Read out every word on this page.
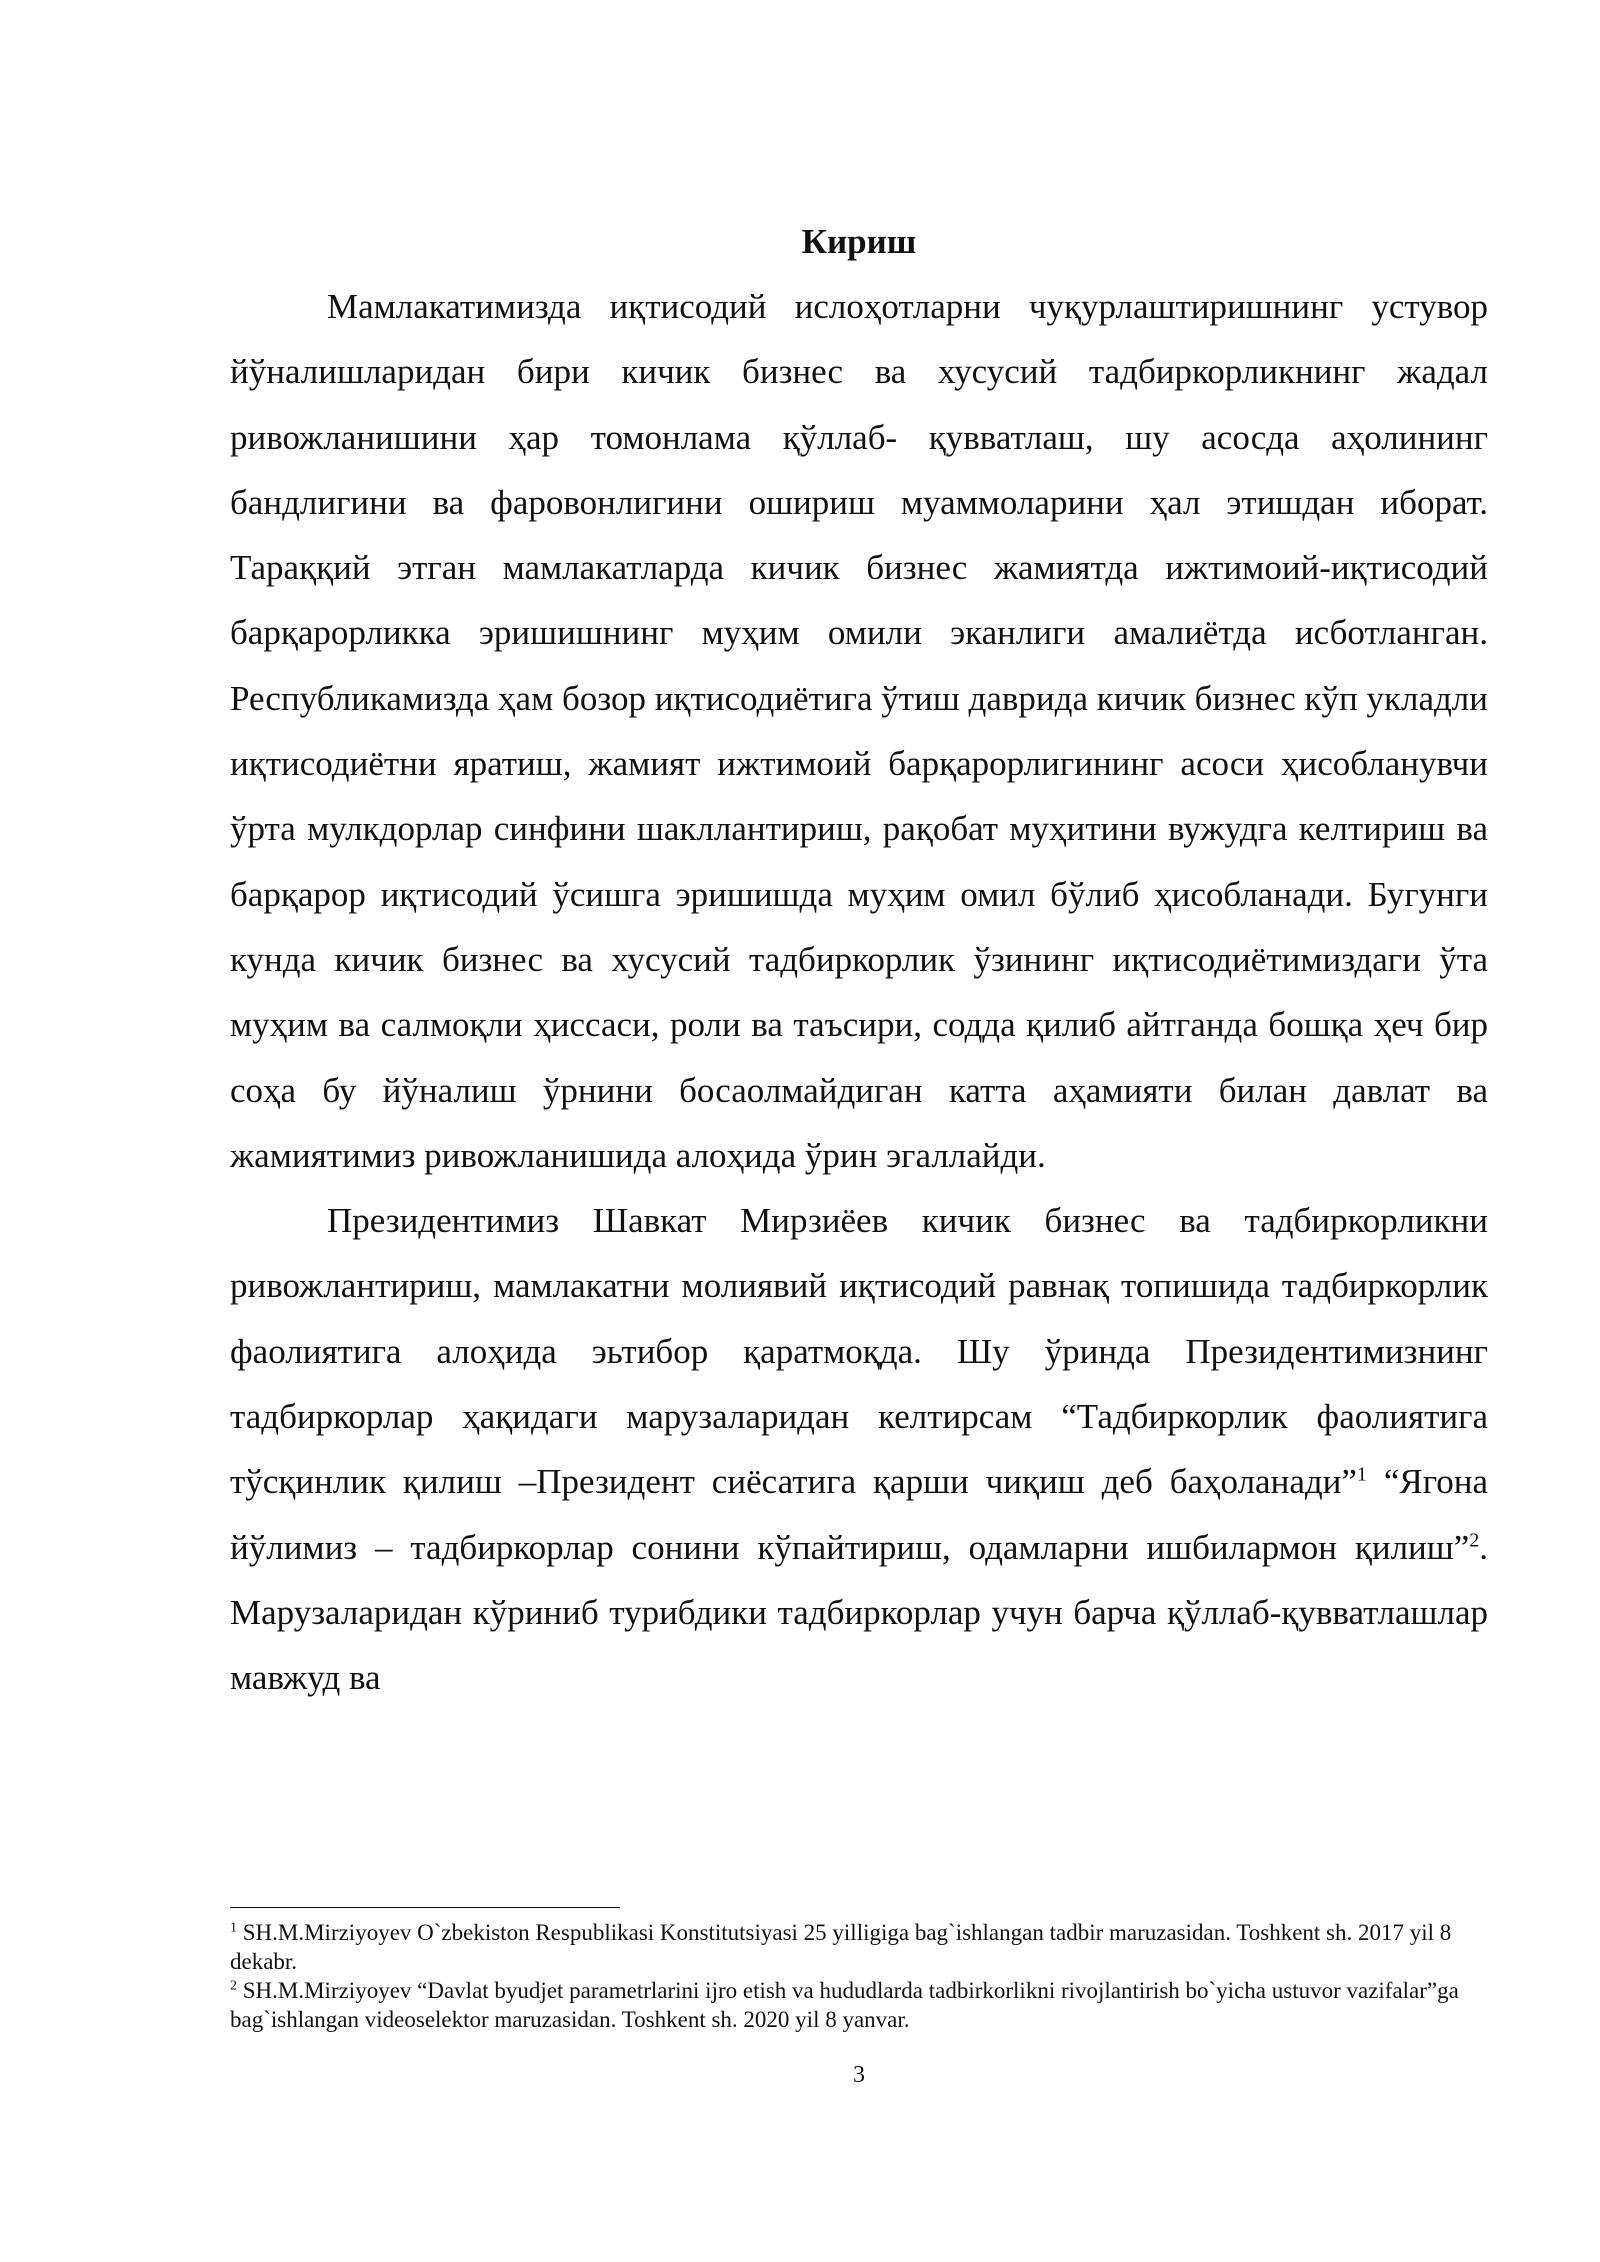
Кириш

Мамлакатимизда иқтисодий ислоҳотларни чуқурлаштиришнинг устувор йўналишларидан бири кичик бизнес ва хусусий тадбиркорликнинг жадал ривожланишини ҳар томонлама қўллаб- қувватлаш, шу асосда аҳолининг бандлигини ва фаровонлигини ошириш муаммоларини ҳал этишдан иборат. Тараққий этган мамлакатларда кичик бизнес жамиятда ижтимоий-иқтисодий барқарорликка эришишнинг муҳим омили эканлиги амалиётда исботланган. Республикамизда ҳам бозор иқтисодиётига ўтиш даврида кичик бизнес кўп укладли иқтисодиётни яратиш, жамият ижтимоий барқарорлигининг асоси ҳисобланувчи ўрта мулкдорлар синфини шакллантириш, рақобат муҳитини вужудга келтириш ва барқарор иқтисодий ўсишга эришишда муҳим омил бўлиб ҳисобланади. Бугунги кунда кичик бизнес ва хусусий тадбиркорлик ўзининг иқтисодиётимиздаги ўта муҳим ва салмоқли ҳиссаси, роли ва таъсири, содда қилиб айтганда бошқа ҳеч бир соҳа бу йўналиш ўрнини босаолмайдиган катта аҳамияти билан давлат ва жамиятимиз ривожланишида алоҳида ўрин эгаллайди.

Президентимиз Шавкат Мирзиёев кичик бизнес ва тадбиркорликни ривожлантириш, мамлакатни молиявий иқтисодий равнақ топишида тадбиркорлик фаолиятига алоҳида эьтибор қаратмоқда. Шу ўринда Президентимизнинг тадбиркорлар ҳақидаги марузаларидан келтирсам “Тадбиркорлик фаолиятига тўсқинлик қилиш –Президент сиёсатига қарши чиқиш деб баҳоланади”$^1$ “Ягона йўлимиз – тадбиркорлар сонини кўпайтириш, одамларни ишбилармон қилиш”$^2$. Марузаларидан кўриниб турибдики тадбиркорлар учун барча қўллаб-қувватлашлар мавжуд ва

$^1$ SH.M.Mirziyoyev O`zbekiston Respublikasi Konstitutsiyasi 25 yilligiga bag`ishlangan tadbir maruzasidan. Toshkent sh. 2017 yil 8 dekabr.

$^2$ SH.M.Mirziyoyev “Davlat byudjet parametrlarini ijro etish va hududlarda tadbirkorlikni rivojlantirish bo`yicha ustuvor vazifalar”ga bag`ishlangan videoselektor maruzasidan. Toshkent sh. 2020 yil 8 yanvar.

3
